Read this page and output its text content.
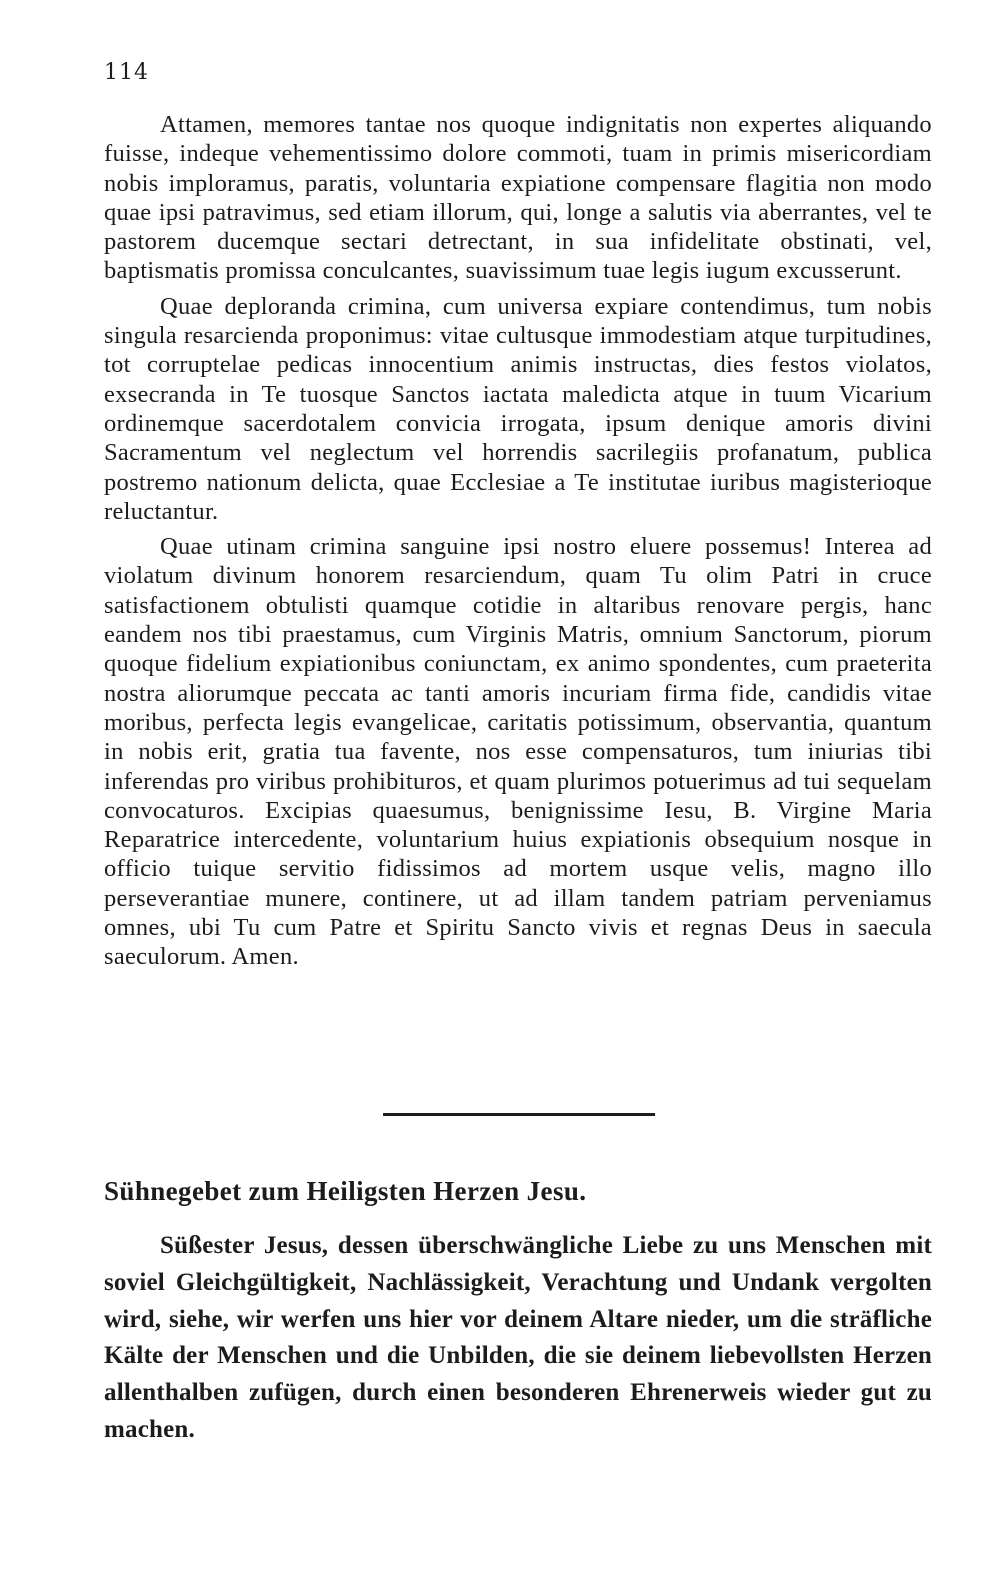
114

Attamen, memores tantae nos quoque indignitatis non expertes aliquando fuisse, indeque vehementissimo dolore commoti, tuam in primis misericordiam nobis imploramus, paratis, voluntaria expiatione compensare flagitia non modo quae ipsi patravimus, sed etiam illorum, qui, longe a salutis via aberrantes, vel te pastorem ducemque sectari detrectant, in sua infidelitate obstinati, vel, baptismatis promissa conculcantes, suavissimum tuae legis iugum excusserunt.

Quae deploranda crimina, cum universa expiare contendimus, tum nobis singula resarcienda proponimus: vitae cultusque immodestiam atque turpitudines, tot corruptelae pedicas innocentium animis instructas, dies festos violatos, exsecranda in Te tuosque Sanctos iactata maledicta atque in tuum Vicarium ordinemque sacerdotalem convicia irrogata, ipsum denique amoris divini Sacramentum vel neglectum vel horrendis sacrilegiis profanatum, publica postremo nationum delicta, quae Ecclesiae a Te institutae iuribus magisterioque reluctantur.

Quae utinam crimina sanguine ipsi nostro eluere possemus! Interea ad violatum divinum honorem resarciendum, quam Tu olim Patri in cruce satisfactionem obtulisti quamque cotidie in altaribus renovare pergis, hanc eandem nos tibi praestamus, cum Virginis Matris, omnium Sanctorum, piorum quoque fidelium expiationibus coniunctam, ex animo spondentes, cum praeterita nostra aliorumque peccata ac tanti amoris incuriam firma fide, candidis vitae moribus, perfecta legis evangelicae, caritatis potissimum, observantia, quantum in nobis erit, gratia tua favente, nos esse compensaturos, tum iniurias tibi inferendas pro viribus prohibituros, et quam plurimos potuerimus ad tui sequelam convocaturos. Excipias quaesumus, benignissime Iesu, B. Virgine Maria Reparatrice intercedente, voluntarium huius expiationis obsequium nosque in officio tuique servitio fidissimos ad mortem usque velis, magno illo perseverantiae munere, continere, ut ad illam tandem patriam perveniamus omnes, ubi Tu cum Patre et Spiritu Sancto vivis et regnas Deus in saecula saeculorum. Amen.

Sühnegebet zum Heiligsten Herzen Jesu.

Süßester Jesus, dessen überschwängliche Liebe zu uns Menschen mit soviel Gleichgültigkeit, Nachlässigkeit, Verachtung und Undank vergolten wird, siehe, wir werfen uns hier vor deinem Altare nieder, um die sträfliche Kälte der Menschen und die Unbilden, die sie deinem liebevollsten Herzen allenthalben zufügen, durch einen besonderen Ehrenerweis wieder gut zu machen.
